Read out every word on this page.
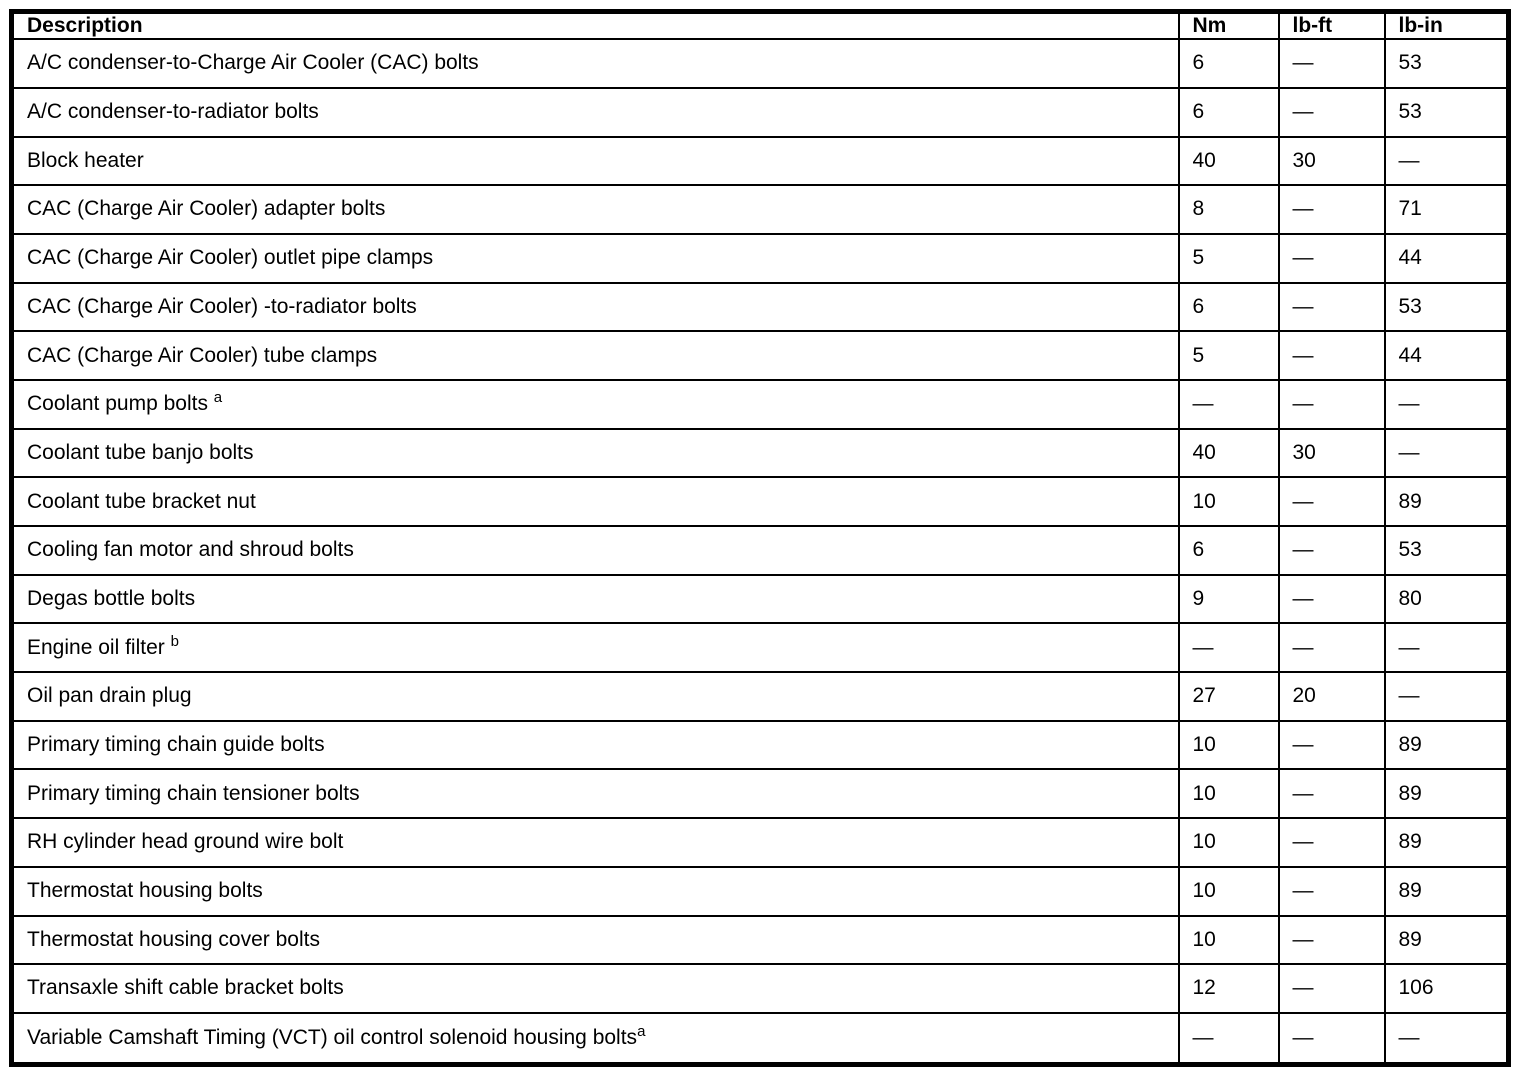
Description	Nm	lb-ft	lb-in
A/C condenser-to-Charge Air Cooler (CAC) bolts	6	—	53
A/C condenser-to-radiator bolts	6	—	53
Block heater	40	30	—
CAC (Charge Air Cooler) adapter bolts	8	—	71
CAC (Charge Air Cooler) outlet pipe clamps	5	—	44
CAC (Charge Air Cooler) -to-radiator bolts	6	—	53
CAC (Charge Air Cooler) tube clamps	5	—	44
Coolant pump bolts $^a$	—	—	—
Coolant tube banjo bolts	40	30	—
Coolant tube bracket nut	10	—	89
Cooling fan motor and shroud bolts	6	—	53
Degas bottle bolts	9	—	80
Engine oil filter $^b$	—	—	—
Oil pan drain plug	27	20	—
Primary timing chain guide bolts	10	—	89
Primary timing chain tensioner bolts	10	—	89
RH cylinder head ground wire bolt	10	—	89
Thermostat housing bolts	10	—	89
Thermostat housing cover bolts	10	—	89
Transaxle shift cable bracket bolts	12	—	106
Variable Camshaft Timing (VCT) oil control solenoid housing bolts$^a$	—	—	—
